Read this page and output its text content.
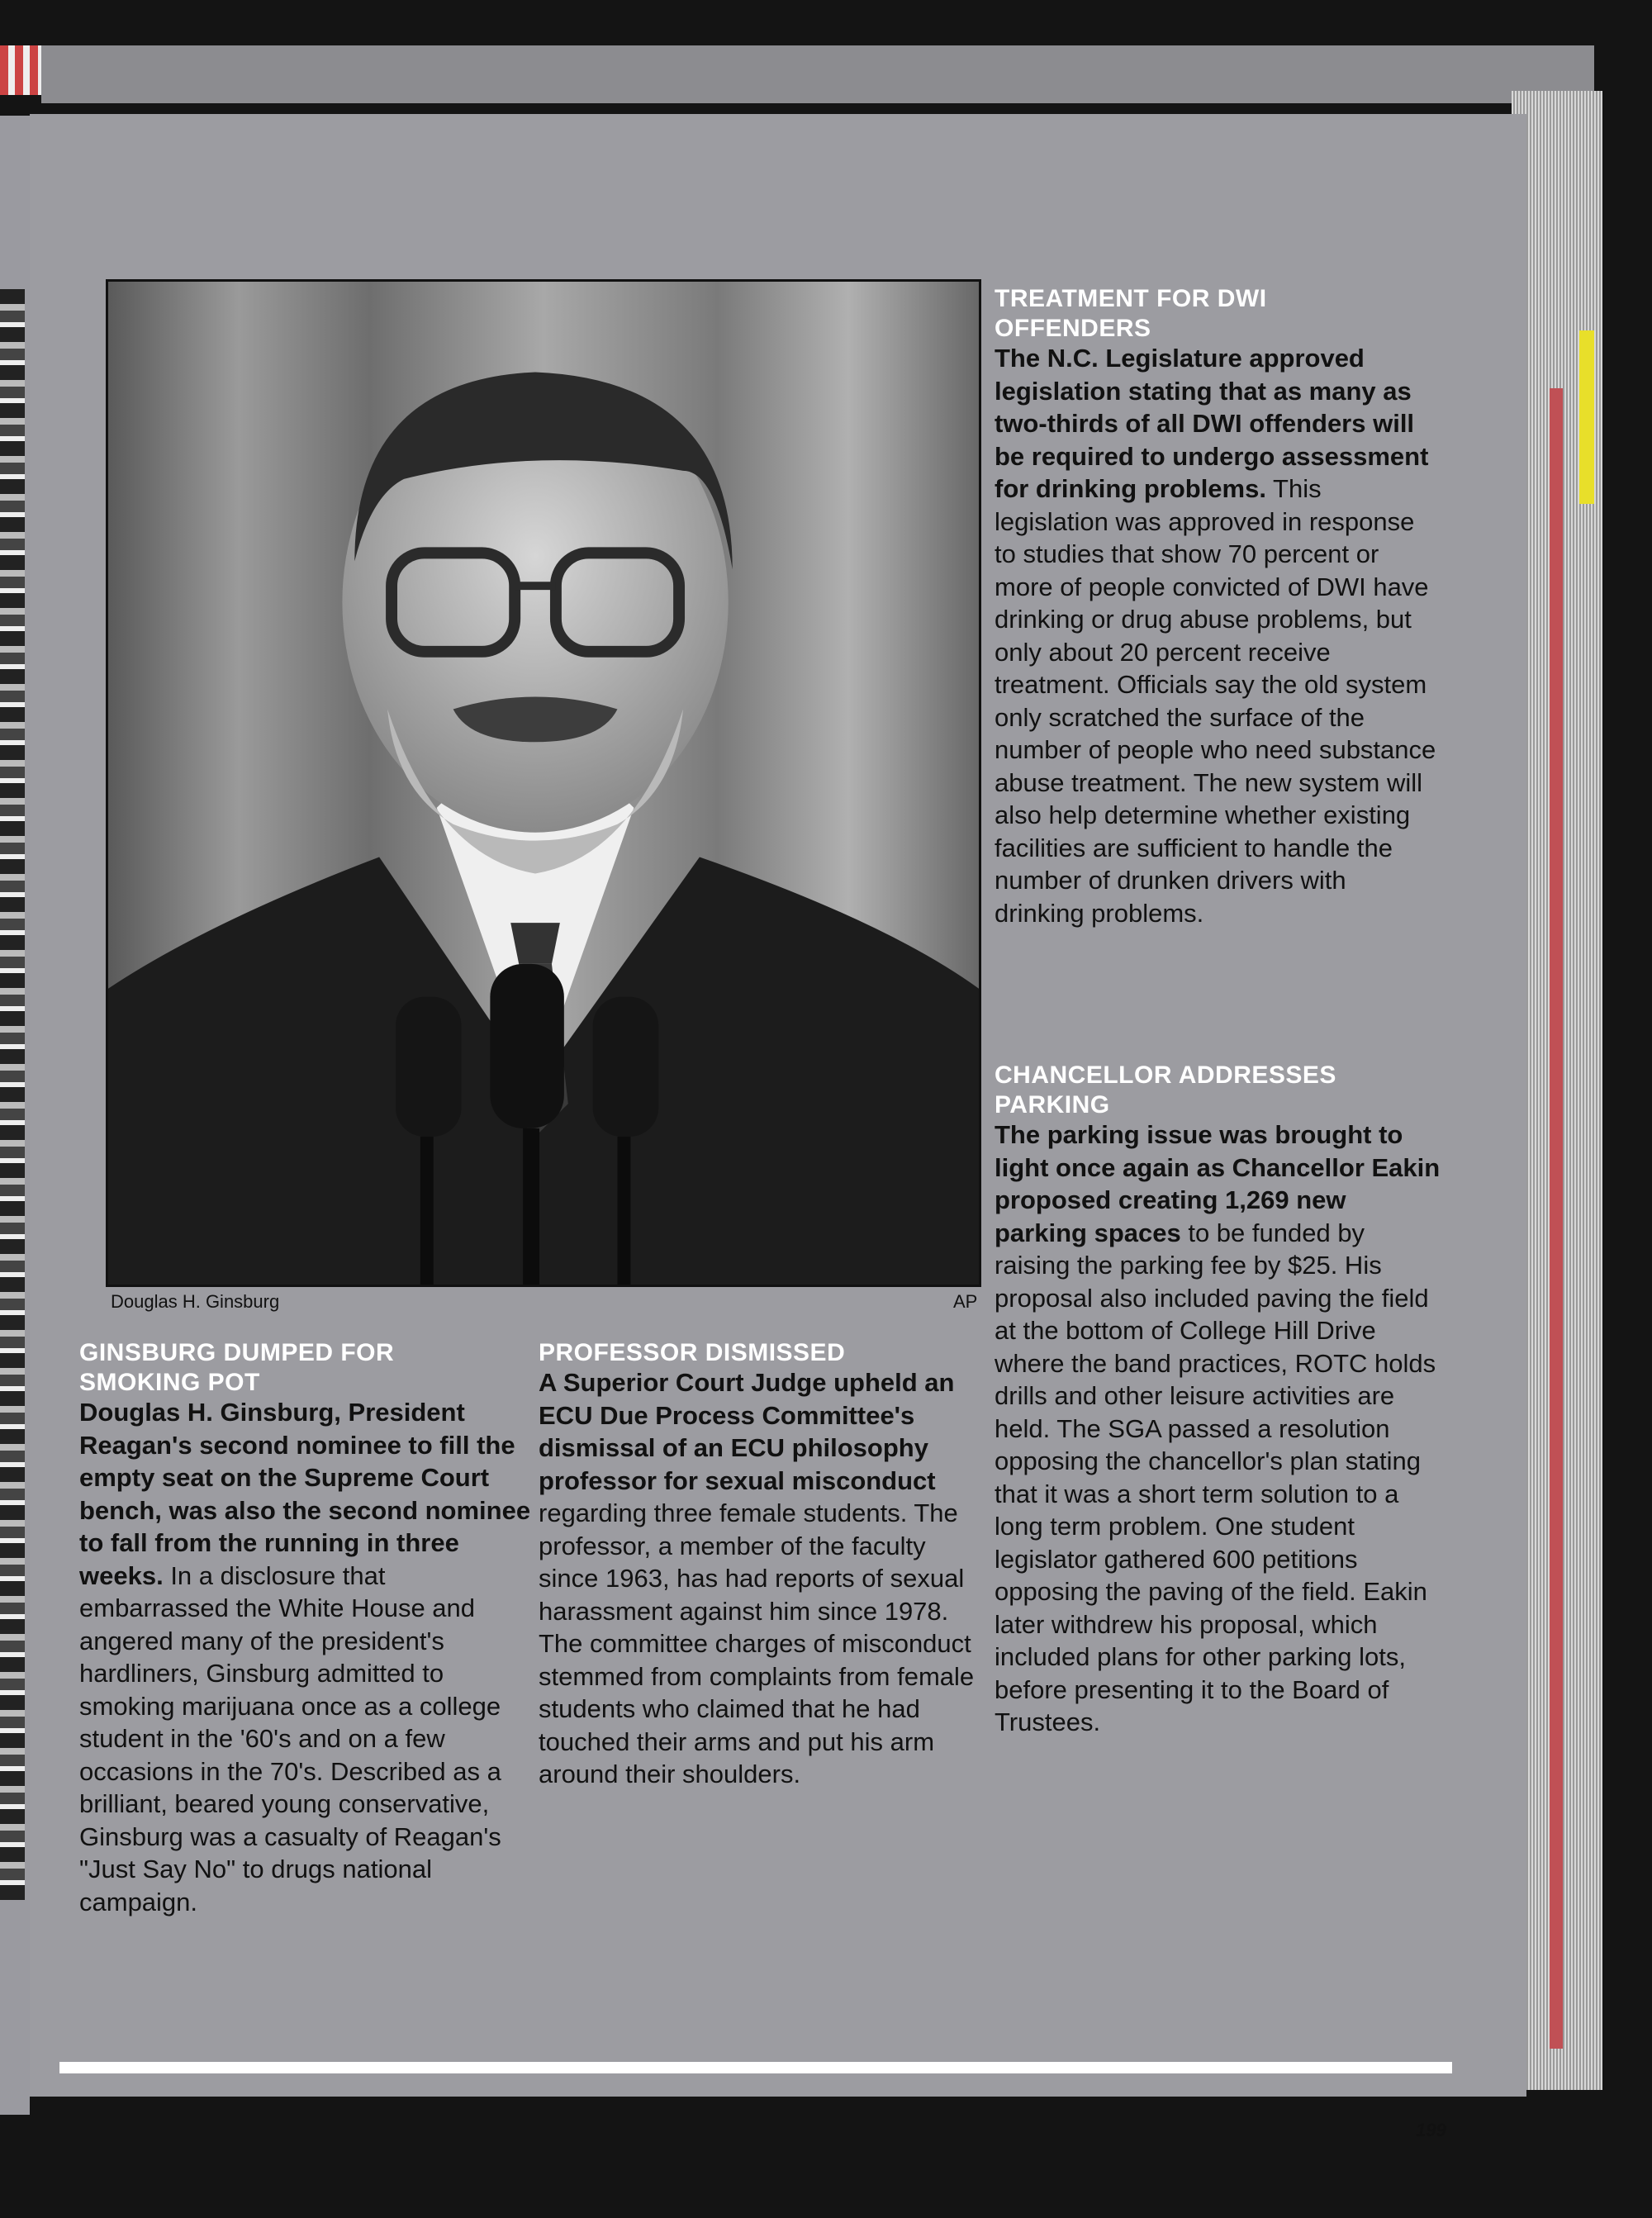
Douglas H. Ginsburg	AP
GINSBURG DUMPED FOR SMOKING POT

Douglas H. Ginsburg, President Reagan's second nominee to fill the empty seat on the Supreme Court bench, was also the second nominee to fall from the running in three weeks. In a disclosure that embarrassed the White House and angered many of the president's hardliners, Ginsburg admitted to smoking marijuana once as a college student in the '60's and on a few occasions in the 70's. Described as a brilliant, beared young conservative, Ginsburg was a casualty of Reagan's "Just Say No" to drugs national campaign.

PROFESSOR DISMISSED

A Superior Court Judge upheld an ECU Due Process Committee's dismissal of an ECU philosophy professor for sexual misconduct regarding three female students. The professor, a member of the faculty since 1963, has had reports of sexual harassment against him since 1978. The committee charges of misconduct stemmed from complaints from female students who claimed that he had touched their arms and put his arm around their shoulders.

TREATMENT FOR DWI OFFENDERS

The N.C. Legislature approved legislation stating that as many as two-thirds of all DWI offenders will be required to undergo assessment for drinking problems. This legislation was approved in response to studies that show 70 percent or more of people convicted of DWI have drinking or drug abuse problems, but only about 20 percent receive treatment. Officials say the old system only scratched the surface of the number of people who need substance abuse treatment. The new system will also help determine whether existing facilities are sufficient to handle the number of drunken drivers with drinking problems.

CHANCELLOR ADDRESSES PARKING

The parking issue was brought to light once again as Chancellor Eakin proposed creating 1,269 new parking spaces to be funded by raising the parking fee by $25. His proposal also included paving the field at the bottom of College Hill Drive where the band practices, ROTC holds drills and other leisure activities are held. The SGA passed a resolution opposing the chancellor's plan stating that it was a short term solution to a long term problem. One student legislator gathered 600 petitions opposing the paving of the field. Eakin later withdrew his proposal, which included plans for other parking lots, before presenting it to the Board of Trustees.

199
